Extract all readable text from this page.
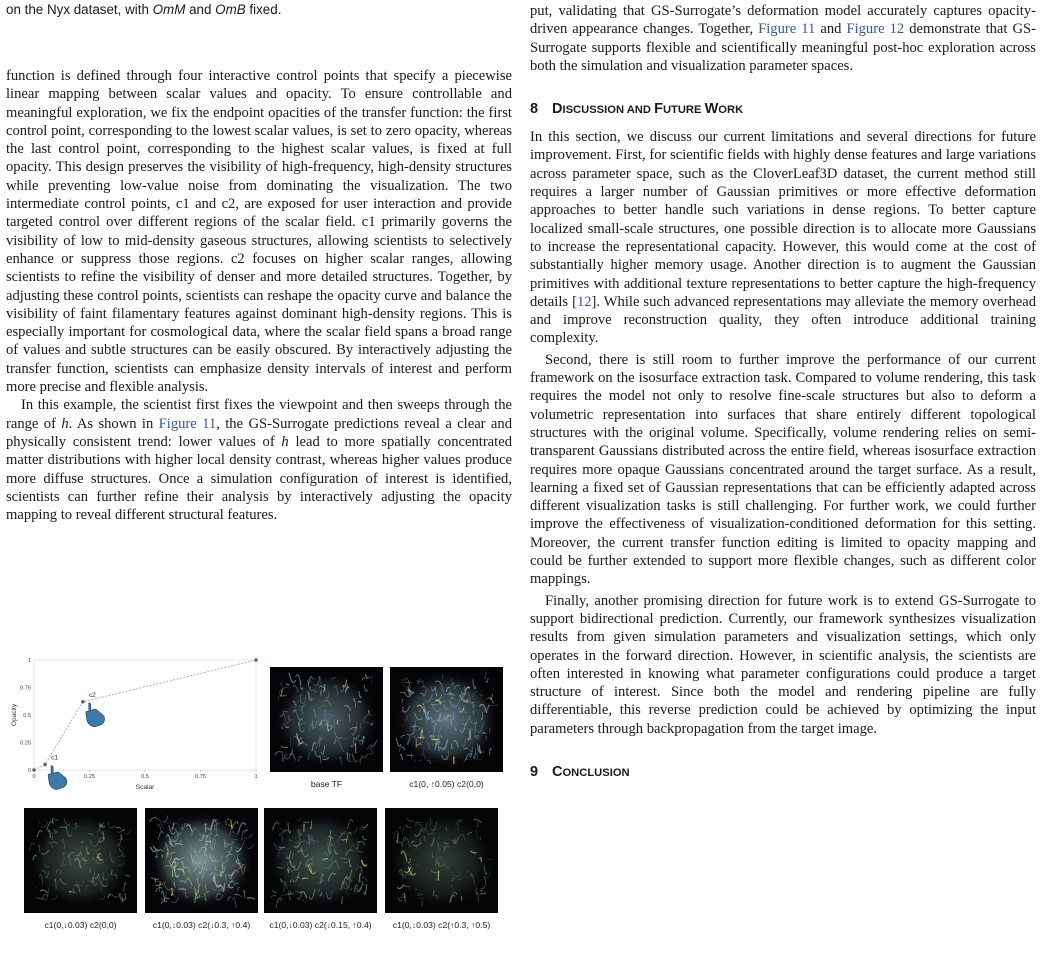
on the Nyx dataset, with OmM and OmB fixed.

function is defined through four interactive control points that specify a piecewise linear mapping between scalar values and opacity. To ensure controllable and meaningful exploration, we fix the endpoint opacities of the transfer function: the first control point, corresponding to the lowest scalar values, is set to zero opacity, whereas the last control point, corresponding to the highest scalar values, is fixed at full opacity. This design preserves the visibility of high-frequency, high-density structures while preventing low-value noise from dominating the visualization. The two intermediate control points, c1 and c2, are exposed for user interaction and provide targeted control over different regions of the scalar field. c1 primarily governs the visibility of low to mid-density gaseous structures, allowing scientists to selectively enhance or suppress those regions. c2 focuses on higher scalar ranges, allowing scientists to refine the visibility of denser and more detailed structures. Together, by adjusting these control points, scientists can reshape the opacity curve and balance the visibility of faint filamentary features against dominant high-density regions. This is especially important for cosmological data, where the scalar field spans a broad range of values and subtle structures can be easily obscured. By interactively adjusting the transfer function, scientists can emphasize density intervals of interest and perform more precise and flexible analysis.

In this example, the scientist first fixes the viewpoint and then sweeps through the range of h. As shown in Figure 11, the GS-Surrogate predictions reveal a clear and physically consistent trend: lower values of h lead to more spatially concentrated matter distributions with higher local density contrast, whereas higher values produce more diffuse structures. Once a simulation configuration of interest is identified, scientists can further refine their analysis by interactively adjusting the opacity mapping to reveal different structural features.

0	0.25	0.5	0.75	1
0
0.25
0.5
0.75
1
Scalar
Opacity
c1
c2
base TF	c1(0, ↑0.05) c2(0,0)
c1(0,↓0.03) c2(0,0)	c1(0,↓0.03) c2(↓0.3, ↑0.4)	c1(0,↓0.03) c2(↓0.15, ↑0.4)	c1(0,↓0.03) c2(↑0.3, ↑0.5)

put, validating that GS-Surrogate’s deformation model accurately captures opacity-driven appearance changes. Together, Figure 11 and Figure 12 demonstrate that GS-Surrogate supports flexible and scientifically meaningful post-hoc exploration across both the simulation and visualization parameter spaces.

8 DISCUSSION AND FUTURE WORK

In this section, we discuss our current limitations and several directions for future improvement. First, for scientific fields with highly dense features and large variations across parameter space, such as the CloverLeaf3D dataset, the current method still requires a larger number of Gaussian primitives or more effective deformation approaches to better handle such variations in dense regions. To better capture localized small-scale structures, one possible direction is to allocate more Gaussians to increase the representational capacity. However, this would come at the cost of substantially higher memory usage. Another direction is to augment the Gaussian primitives with additional texture representations to better capture the high-frequency details [12]. While such advanced representations may alleviate the memory overhead and improve reconstruction quality, they often introduce additional training complexity.

Second, there is still room to further improve the performance of our current framework on the isosurface extraction task. Compared to volume rendering, this task requires the model not only to resolve fine-scale structures but also to deform a volumetric representation into surfaces that share entirely different topological structures with the original volume. Specifically, volume rendering relies on semi-transparent Gaussians distributed across the entire field, whereas isosurface extraction requires more opaque Gaussians concentrated around the target surface. As a result, learning a fixed set of Gaussian representations that can be efficiently adapted across different visualization tasks is still challenging. For further work, we could further improve the effectiveness of visualization-conditioned deformation for this setting. Moreover, the current transfer function editing is limited to opacity mapping and could be further extended to support more flexible changes, such as different color mappings.

Finally, another promising direction for future work is to extend GS-Surrogate to support bidirectional prediction. Currently, our framework synthesizes visualization results from given simulation parameters and visualization settings, which only operates in the forward direction. However, in scientific analysis, the scientists are often interested in knowing what parameter configurations could produce a target structure of interest. Since both the model and rendering pipeline are fully differentiable, this reverse prediction could be achieved by optimizing the input parameters through backpropagation from the target image.

9 CONCLUSION
